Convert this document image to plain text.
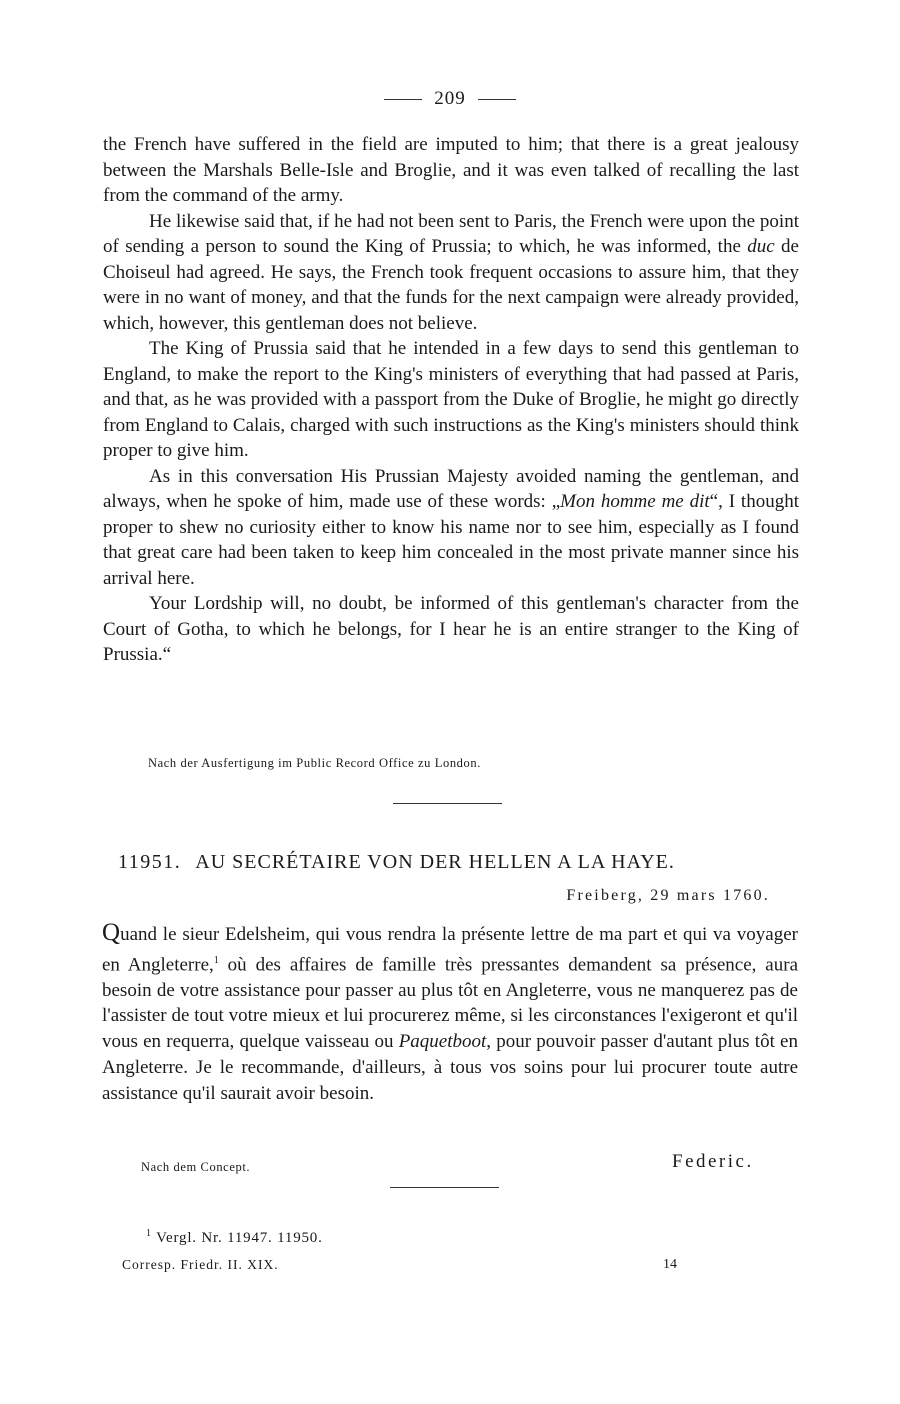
209

the French have suffered in the field are imputed to him; that there is a great jealousy between the Marshals Belle-Isle and Broglie, and it was even talked of recalling the last from the command of the army.

He likewise said that, if he had not been sent to Paris, the French were upon the point of sending a person to sound the King of Prussia; to which, he was informed, the duc de Choiseul had agreed. He says, the French took frequent occasions to assure him, that they were in no want of money, and that the funds for the next campaign were already provided, which, however, this gentleman does not believe.

The King of Prussia said that he intended in a few days to send this gentleman to England, to make the report to the King's ministers of everything that had passed at Paris, and that, as he was provided with a passport from the Duke of Broglie, he might go directly from England to Calais, charged with such instructions as the King's ministers should think proper to give him.

As in this conversation His Prussian Majesty avoided naming the gentleman, and always, when he spoke of him, made use of these words: „Mon homme me dit“, I thought proper to shew no curiosity either to know his name nor to see him, especially as I found that great care had been taken to keep him concealed in the most private manner since his arrival here.

Your Lordship will, no doubt, be informed of this gentleman's character from the Court of Gotha, to which he belongs, for I hear he is an entire stranger to the King of Prussia.“

Nach der Ausfertigung im Public Record Office zu London.
11951. AU SECRÉTAIRE VON DER HELLEN A LA HAYE.
Freiberg, 29 mars 1760.

Quand le sieur Edelsheim, qui vous rendra la présente lettre de ma part et qui va voyager en Angleterre,$^1$ où des affaires de famille très pressantes demandent sa présence, aura besoin de votre assistance pour passer au plus tôt en Angleterre, vous ne manquerez pas de l'assister de tout votre mieux et lui procurerez même, si les circonstances l'exigeront et qu'il vous en requerra, quelque vaisseau ou Paquetboot, pour pouvoir passer d'autant plus tôt en Angleterre. Je le recommande, d'ailleurs, à tous vos soins pour lui procurer toute autre assistance qu'il saurait avoir besoin.

Nach dem Concept.	Federic.
$^1$ Vergl. Nr. 11947. 11950.
Corresp. Friedr. II. XIX.	14
